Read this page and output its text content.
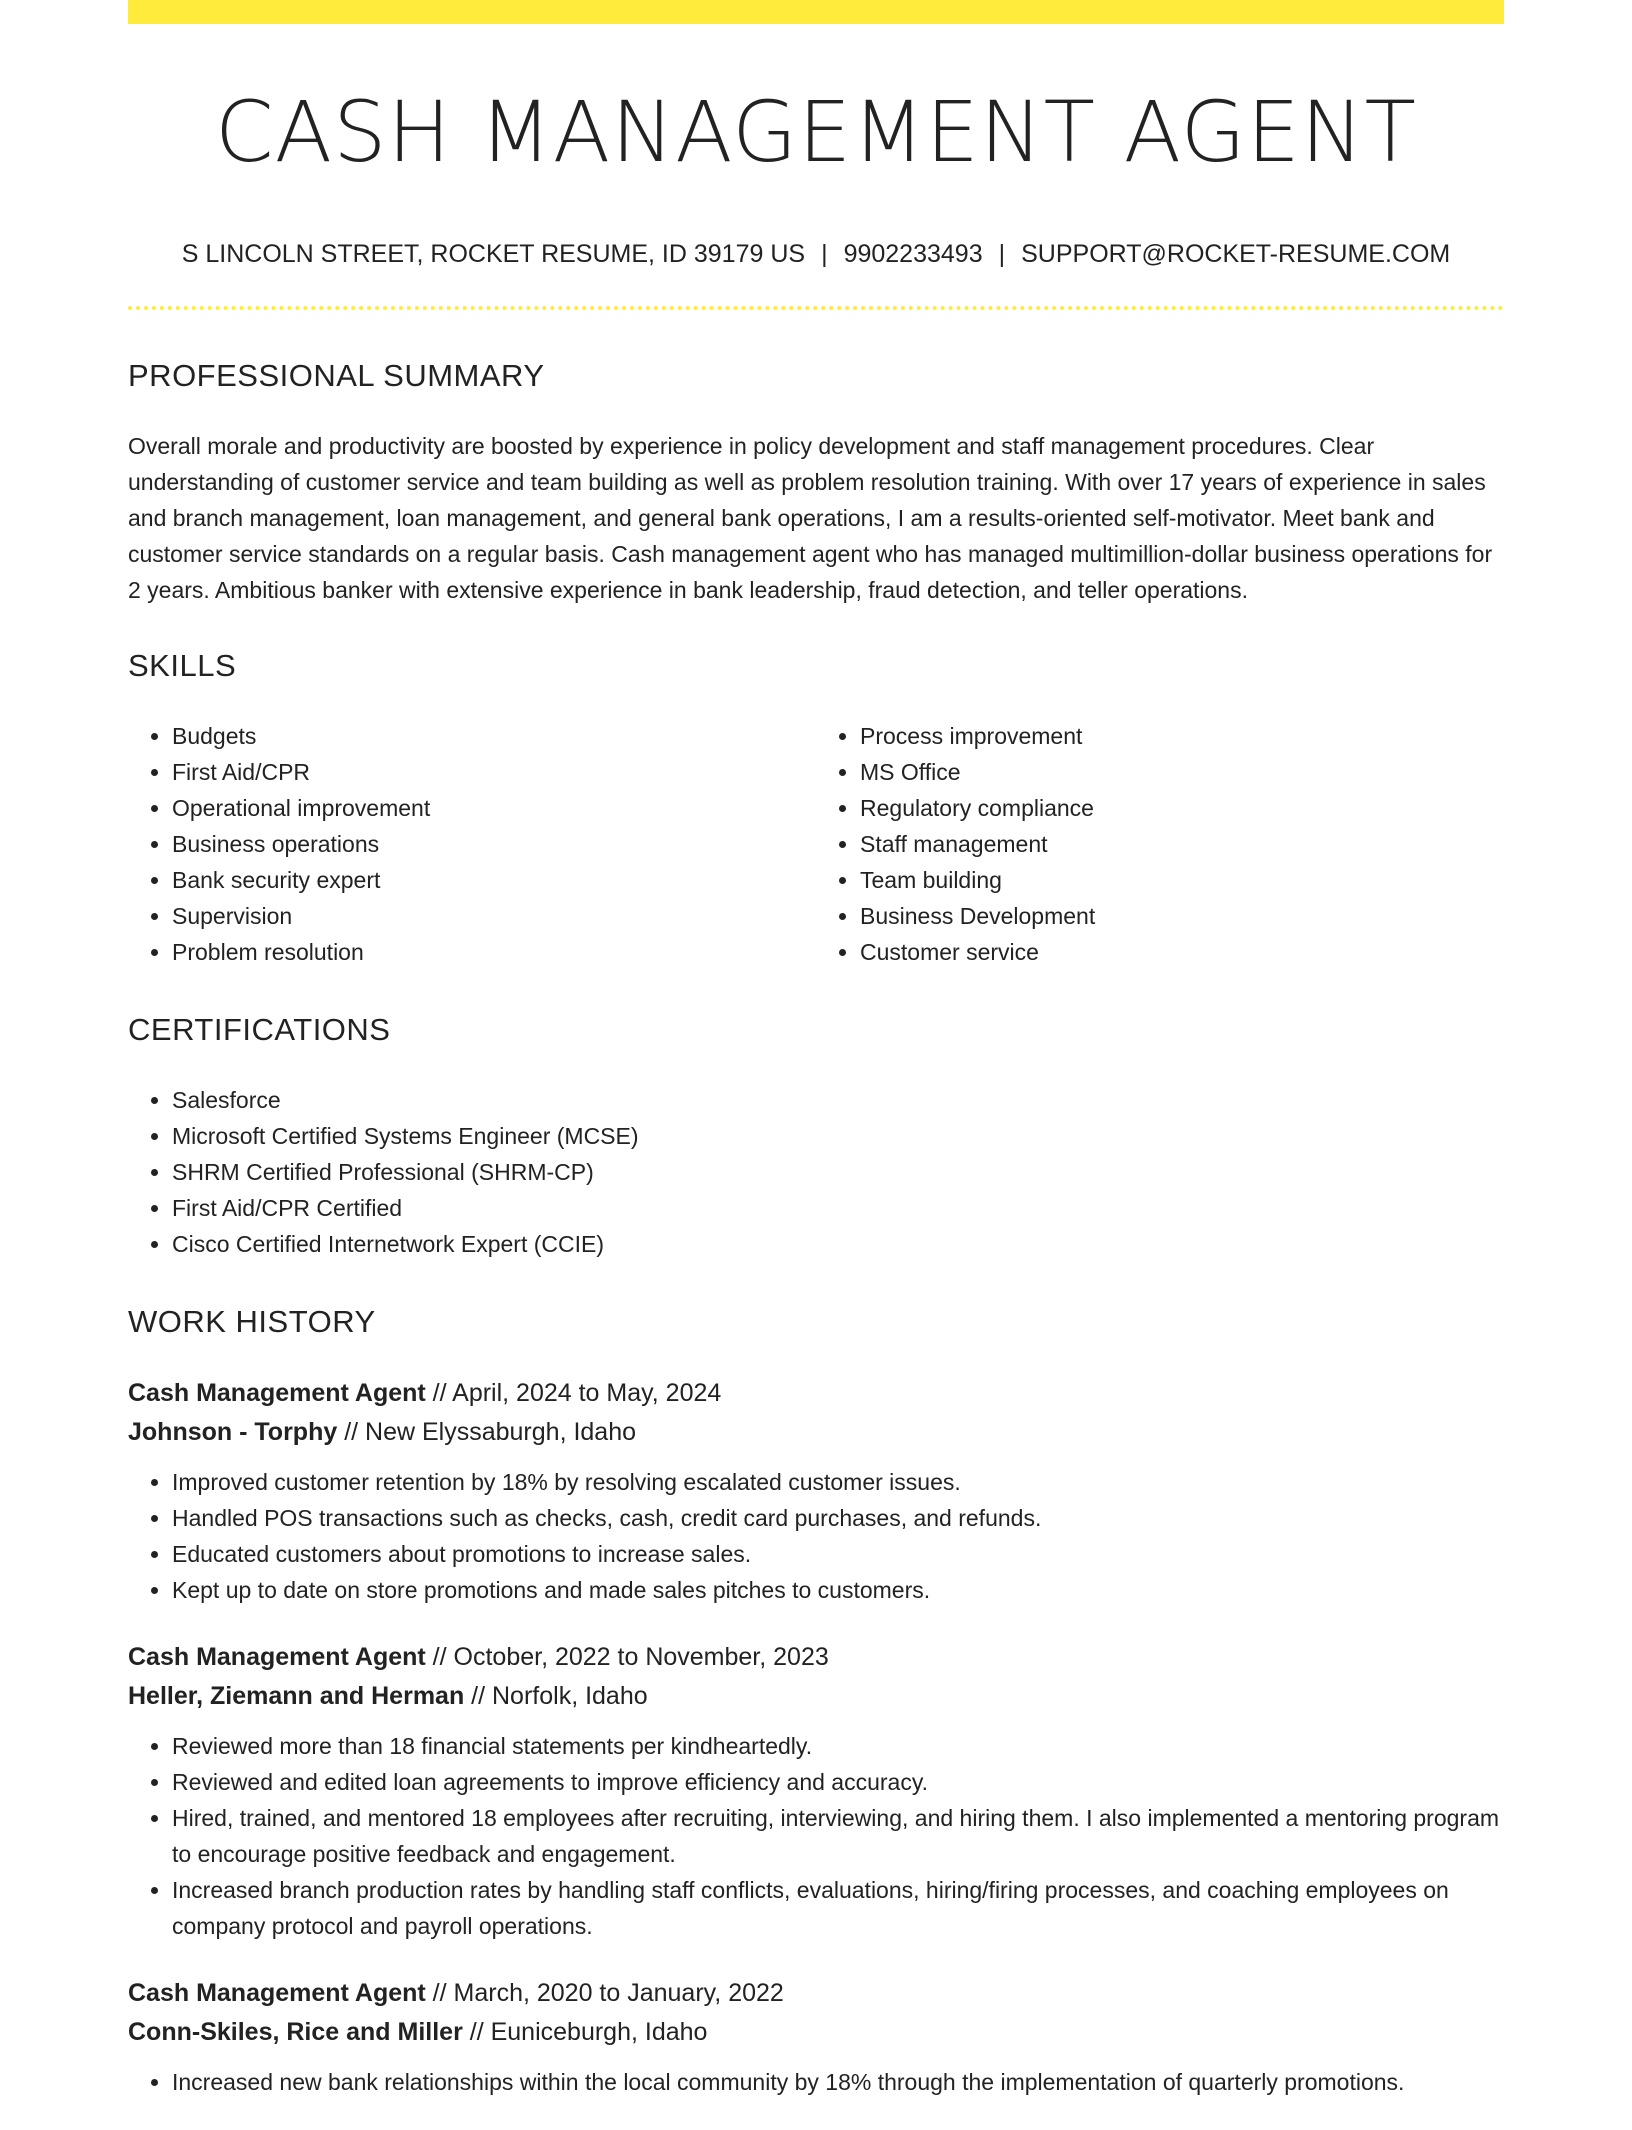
CASH MANAGEMENT AGENT
S LINCOLN STREET, ROCKET RESUME, ID 39179 US | 9902233493 | SUPPORT@ROCKET-RESUME.COM
PROFESSIONAL SUMMARY

Overall morale and productivity are boosted by experience in policy development and staff management procedures. Clear understanding of customer service and team building as well as problem resolution training. With over 17 years of experience in sales and branch management, loan management, and general bank operations, I am a results-oriented self-motivator. Meet bank and customer service standards on a regular basis. Cash management agent who has managed multimillion-dollar business operations for 2 years. Ambitious banker with extensive experience in bank leadership, fraud detection, and teller operations.

SKILLS
• Budgets
• First Aid/CPR
• Operational improvement
• Business operations
• Bank security expert
• Supervision
• Problem resolution
• Process improvement
• MS Office
• Regulatory compliance
• Staff management
• Team building
• Business Development
• Customer service
CERTIFICATIONS
• Salesforce
• Microsoft Certified Systems Engineer (MCSE)
• SHRM Certified Professional (SHRM-CP)
• First Aid/CPR Certified
• Cisco Certified Internetwork Expert (CCIE)
WORK HISTORY
Cash Management Agent // April, 2024 to May, 2024
Johnson - Torphy // New Elyssaburgh, Idaho
• Improved customer retention by 18% by resolving escalated customer issues.
• Handled POS transactions such as checks, cash, credit card purchases, and refunds.
• Educated customers about promotions to increase sales.
• Kept up to date on store promotions and made sales pitches to customers.
Cash Management Agent // October, 2022 to November, 2023
Heller, Ziemann and Herman // Norfolk, Idaho
• Reviewed more than 18 financial statements per kindheartedly.
• Reviewed and edited loan agreements to improve efficiency and accuracy.
• Hired, trained, and mentored 18 employees after recruiting, interviewing, and hiring them. I also implemented a mentoring program to encourage positive feedback and engagement.
• Increased branch production rates by handling staff conflicts, evaluations, hiring/firing processes, and coaching employees on company protocol and payroll operations.
Cash Management Agent // March, 2020 to January, 2022
Conn-Skiles, Rice and Miller // Euniceburgh, Idaho
• Increased new bank relationships within the local community by 18% through the implementation of quarterly promotions.
